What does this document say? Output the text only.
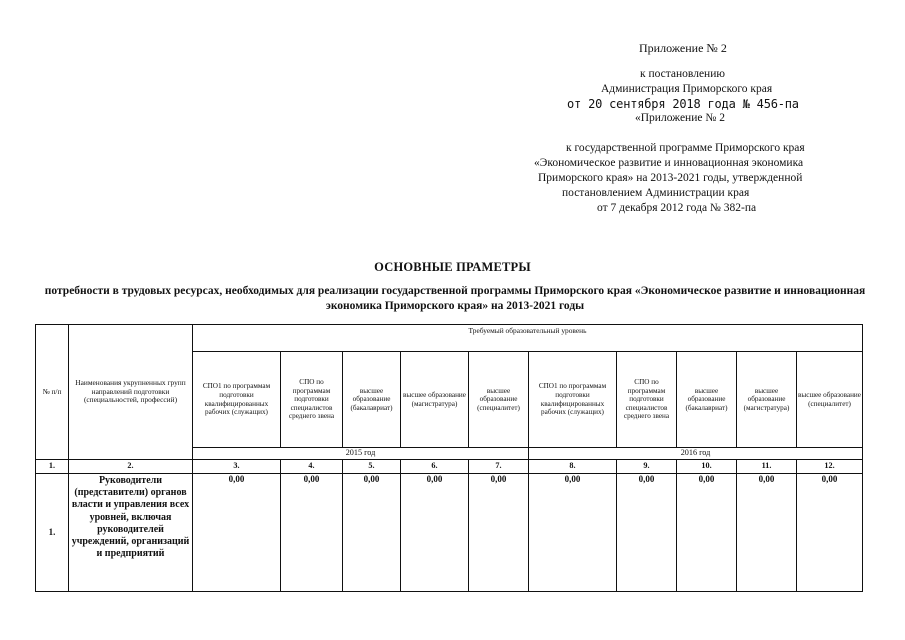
Приложение № 2
к постановлению
Администрация Приморского края
от 20 сентября 2018 года № 456-па
«Приложение № 2
к государственной программе Приморского края
«Экономическое развитие и инновационная экономика
Приморского края» на 2013-2021 годы, утвержденной
постановлением Администрации края
от 7 декабря 2012 года № 382-па
ОСНОВНЫЕ ПРАМЕТРЫ
потребности в трудовых ресурсах, необходимых для реализации государственной программы Приморского края «Экономическое развитие и инновационная экономика Приморского края» на 2013-2021 годы
№ п/п	Наименования укрупненных групп направлений подготовки (специальностей, профессий)	Требуемый образовательный уровень									
		СПО1 по программам подготовки квалифицированных рабочих (служащих)	СПО по программам подготовки специалистов среднего звена	высшее образование (бакалавриат)	высшее образование (магистратура)	высшее образование (специалитет)	СПО1 по программам подготовки квалифицированных рабочих (служащих)	СПО по программам подготовки специалистов среднего звена	высшее образование (бакалавриат)	высшее образование (магистратура)	высшее образование (специалитет)
		2015 год					2016 год				
1.	2.	3.	4.	5.	6.	7.	8.	9.	10.	11.	12.
1.	Руководители (представители) органов власти и управления всех уровней, включая руководителей учреждений, организаций и предприятий	0,00	0,00	0,00	0,00	0,00	0,00	0,00	0,00	0,00	0,00
